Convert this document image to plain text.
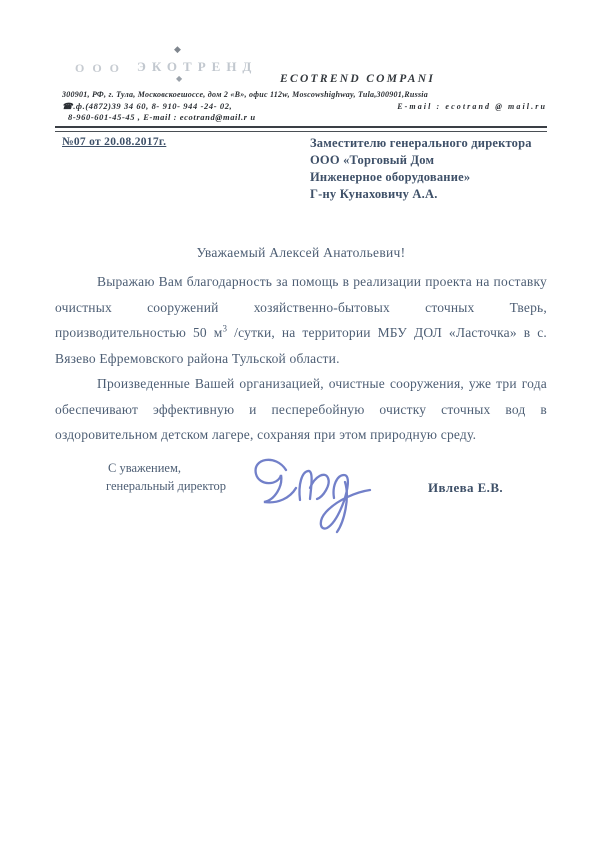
ООО ЭКОТРЕНД
◆
◆	ECOTREND COMPANI
300901, РФ, г. Тула, Московскоешоссе, дом 2 «В», офис 112w, Moscowshighway, Tula,300901,Russia
☎.ф.(4872)39 34 60, 8- 910- 944 -24- 02,	E-mail : ecotrand @ mail.ru
8-960-601-45-45 , E-mail : ecotrand@mail.r u
№07 от 20.08.2017г.	Заместителю генерального директора
ООО «Торговый Дом
Инженерное оборудование»
Г-ну Кунаховичу А.А.
Уважаемый Алексей Анатольевич!

Выражаю Вам благодарность за помощь в реализации проекта на поставку очистных сооружений хозяйственно-бытовых сточных Тверь, производительностью 50 $м^3$ /сутки, на территории МБУ ДОЛ «Ласточка» в с. Вязево Ефремовского района Тульской области.

Произведенные Вашей организацией, очистные сооружения, уже три года обеспечивают эффективную и песперебойную очистку сточных вод в оздоровительном детском лагере, сохраняя при этом природную среду.

С уважением,
генеральный директор	Ивлева Е.В.
